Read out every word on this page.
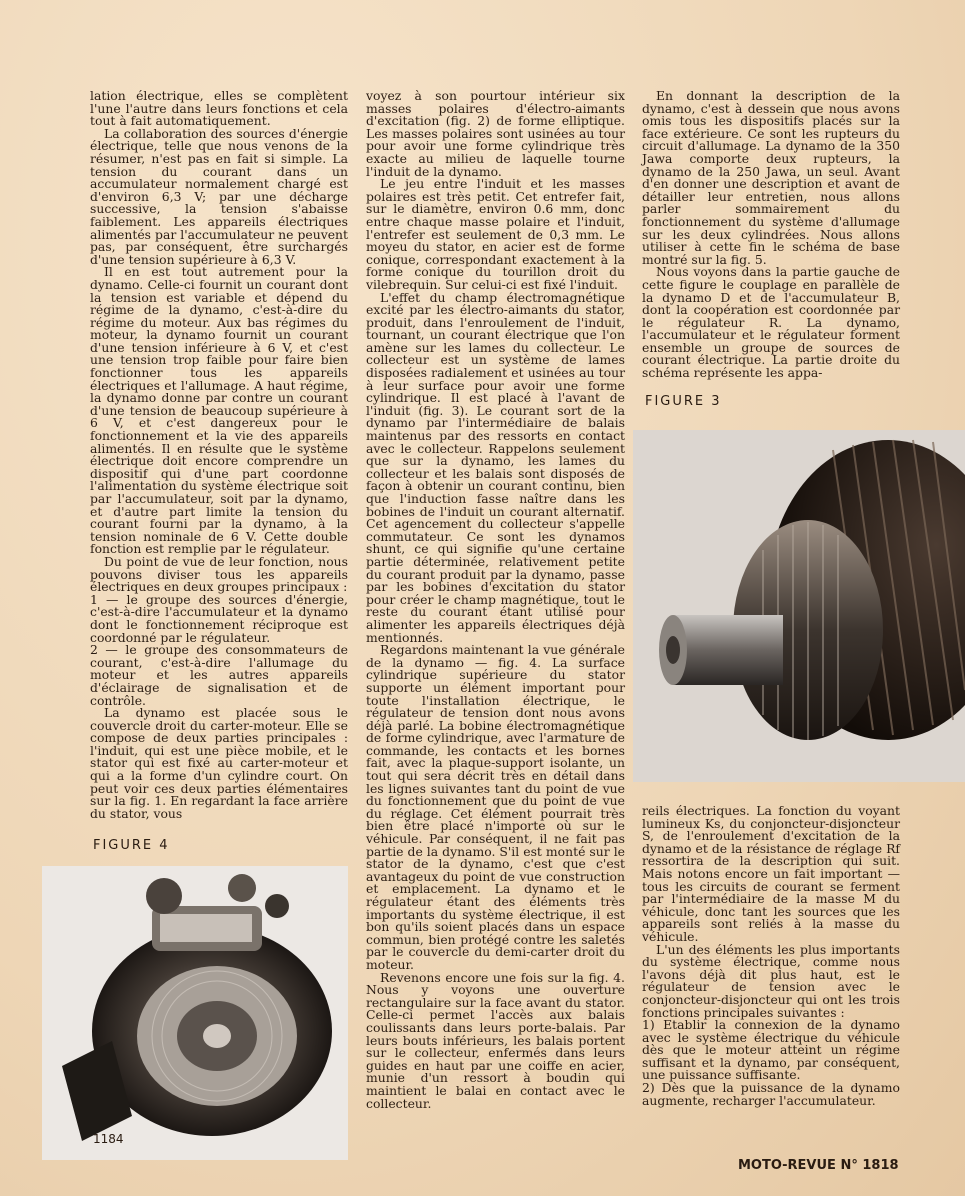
lation électrique, elles se complètent l'une l'autre dans leurs fonctions et cela tout à fait automatiquement.

La collaboration des sources d'énergie électrique, telle que nous venons de la résumer, n'est pas en fait si simple. La tension du courant dans un accumulateur normalement chargé est d'environ 6,3 V; par une décharge successive, la tension s'abaisse faiblement. Les appareils électriques alimentés par l'accumulateur ne peuvent pas, par conséquent, être surchargés d'une tension supérieure à 6,3 V.

Il en est tout autrement pour la dynamo. Celle-ci fournit un courant dont la tension est variable et dépend du régime de la dynamo, c'est-à-dire du régime du moteur. Aux bas régimes du moteur, la dynamo fournit un courant d'une tension inférieure à 6 V, et c'est une tension trop faible pour faire bien fonctionner tous les appareils électriques et l'allumage. A haut régime, la dynamo donne par contre un courant d'une tension de beaucoup supérieure à 6 V, et c'est dangereux pour le fonctionnement et la vie des appareils alimentés. Il en résulte que le système électrique doit encore comprendre un dispositif qui d'une part coordonne l'alimentation du système électrique soit par l'accumulateur, soit par la dynamo, et d'autre part limite la tension du courant fourni par la dynamo, à la tension nominale de 6 V. Cette double fonction est remplie par le régulateur.

Du point de vue de leur fonction, nous pouvons diviser tous les appareils électriques en deux groupes principaux :

1 — le groupe des sources d'énergie, c'est-à-dire l'accumulateur et la dynamo dont le fonctionnement réciproque est coordonné par le régulateur.

2 — le groupe des consommateurs de courant, c'est-à-dire l'allumage du moteur et les autres appareils d'éclairage de signalisation et de contrôle.

La dynamo est placée sous le couvercle droit du carter-moteur. Elle se compose de deux parties principales : l'induit, qui est une pièce mobile, et le stator qui est fixé au carter-moteur et qui a la forme d'un cylindre court. On peut voir ces deux parties élémentaires sur la fig. 1. En regardant la face arrière du stator, vous

voyez à son pourtour intérieur six masses polaires d'électro-aimants d'excitation (fig. 2) de forme elliptique. Les masses polaires sont usinées au tour pour avoir une forme cylindrique très exacte au milieu de laquelle tourne l'induit de la dynamo.

Le jeu entre l'induit et les masses polaires est très petit. Cet entrefer fait, sur le diamètre, environ 0.6 mm, donc entre chaque masse polaire et l'induit, l'entrefer est seulement de 0,3 mm. Le moyeu du stator, en acier est de forme conique, correspondant exactement à la forme conique du tourillon droit du vilebrequin. Sur celui-ci est fixé l'induit.

L'effet du champ électromagnétique excité par les électro-aimants du stator, produit, dans l'enroulement de l'induit, tournant, un courant électrique que l'on amène sur les lames du collecteur. Le collecteur est un système de lames disposées radialement et usinées au tour à leur surface pour avoir une forme cylindrique. Il est placé à l'avant de l'induit (fig. 3). Le courant sort de la dynamo par l'intermédiaire de balais maintenus par des ressorts en contact avec le collecteur. Rappelons seulement que sur la dynamo, les lames du collecteur et les balais sont disposés de façon à obtenir un courant continu, bien que l'induction fasse naître dans les bobines de l'induit un courant alternatif. Cet agencement du collecteur s'appelle commutateur. Ce sont les dynamos shunt, ce qui signifie qu'une certaine partie déterminée, relativement petite du courant produit par la dynamo, passe par les bobines d'excitation du stator pour créer le champ magnétique, tout le reste du courant étant utilisé pour alimenter les appareils électriques déjà mentionnés.

Regardons maintenant la vue générale de la dynamo — fig. 4. La surface cylindrique supérieure du stator supporte un élément important pour toute l'installation électrique, le régulateur de tension dont nous avons déjà parlé. La bobine électromagnétique de forme cylindrique, avec l'armature de commande, les contacts et les bornes fait, avec la plaque-support isolante, un tout qui sera décrit très en détail dans les lignes suivantes tant du point de vue du fonctionnement que du point de vue du réglage. Cet élément pourrait très bien être placé n'importe où sur le véhicule. Par conséquent, il ne fait pas partie de la dynamo. S'il est monté sur le stator de la dynamo, c'est que c'est avantageux du point de vue construction et emplacement. La dynamo et le régulateur étant des éléments très importants du système électrique, il est bon qu'ils soient placés dans un espace commun, bien protégé contre les saletés par le couvercle du demi-carter droit du moteur.

Revenons encore une fois sur la fig. 4. Nous y voyons une ouverture rectangulaire sur la face avant du stator. Celle-ci permet l'accès aux balais coulissants dans leurs porte-balais. Par leurs bouts inférieurs, les balais portent sur le collecteur, enfermés dans leurs guides en haut par une coiffe en acier, munie d'un ressort à boudin qui maintient le balai en contact avec le collecteur.

En donnant la description de la dynamo, c'est à dessein que nous avons omis tous les dispositifs placés sur la face extérieure. Ce sont les rupteurs du circuit d'allumage. La dynamo de la 350 Jawa comporte deux rupteurs, la dynamo de la 250 Jawa, un seul. Avant d'en donner une description et avant de détailler leur entretien, nous allons parler sommairement du fonctionnement du système d'allumage sur les deux cylindrées. Nous allons utiliser à cette fin le schéma de base montré sur la fig. 5.

Nous voyons dans la partie gauche de cette figure le couplage en parallèle de la dynamo D et de l'accumulateur B, dont la coopération est coordonnée par le régulateur R. La dynamo, l'accumulateur et le régulateur forment ensemble un groupe de sources de courant électrique. La partie droite du schéma représente les appa-

FIGURE 3
FIGURE 4

reils électriques. La fonction du voyant lumineux Ks, du conjoncteur-disjoncteur S, de l'enroulement d'excitation de la dynamo et de la résistance de réglage Rf ressortira de la description qui suit. Mais notons encore un fait important — tous les circuits de courant se ferment par l'intermédiaire de la masse M du véhicule, donc tant les sources que les appareils sont reliés à la masse du véhicule.

L'un des éléments les plus importants du système électrique, comme nous l'avons déjà dit plus haut, est le régulateur de tension avec le conjoncteur-disjoncteur qui ont les trois fonctions principales suivantes :

1) Etablir la connexion de la dynamo avec le système électrique du véhicule dès que le moteur atteint un régime suffisant et la dynamo, par conséquent, une puissance suffisante.

2) Dès que la puissance de la dynamo augmente, recharger l'accumulateur.

1184
MOTO-REVUE N° 1818
